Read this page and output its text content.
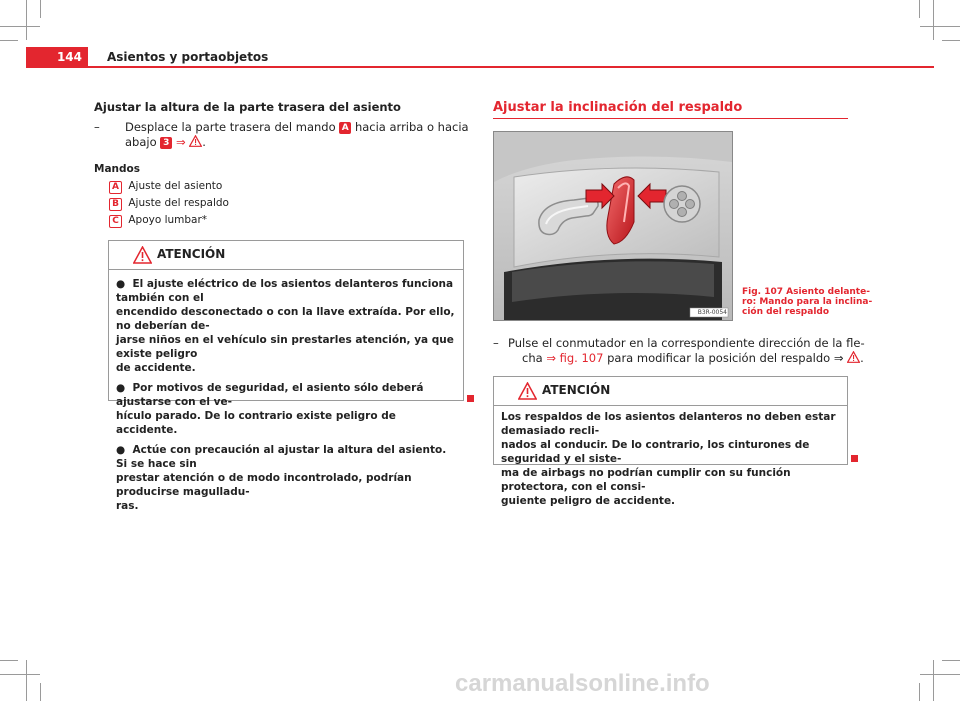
144	Asientos y portaobjetos
Ajustar la altura de la parte trasera del asiento
– Desplace la parte trasera del mando A hacia arriba o hacia
abajo 3 ⇒ .
Mandos
A Ajuste del asiento
B Ajuste del respaldo
C Apoyo lumbar*
ATENCIÓN

●  El ajuste eléctrico de los asientos delanteros funciona también con el
encendido desconectado o con la llave extraída. Por ello, no deberían de-
jarse niños en el vehículo sin prestarles atención, ya que existe peligro
de accidente.

●  Por motivos de seguridad, el asiento sólo deberá ajustarse con el ve-
hículo parado. De lo contrario existe peligro de accidente.

●  Actúe con precaución al ajustar la altura del asiento. Si se hace sin
prestar atención o de modo incontrolado, podrían producirse magulladu-
ras.

Ajustar la inclinación del respaldo
B3R-0054
Fig. 107 Asiento delante-
ro: Mando para la inclina-
ción del respaldo
– Pulse el conmutador en la correspondiente dirección de la fle-
cha ⇒ fig. 107 para modificar la posición del respaldo ⇒ .
ATENCIÓN
Los respaldos de los asientos delanteros no deben estar demasiado recli-
nados al conducir. De lo contrario, los cinturones de seguridad y el siste-
ma de airbags no podrían cumplir con su función protectora, con el consi-
guiente peligro de accidente.
carmanualsonline.info
